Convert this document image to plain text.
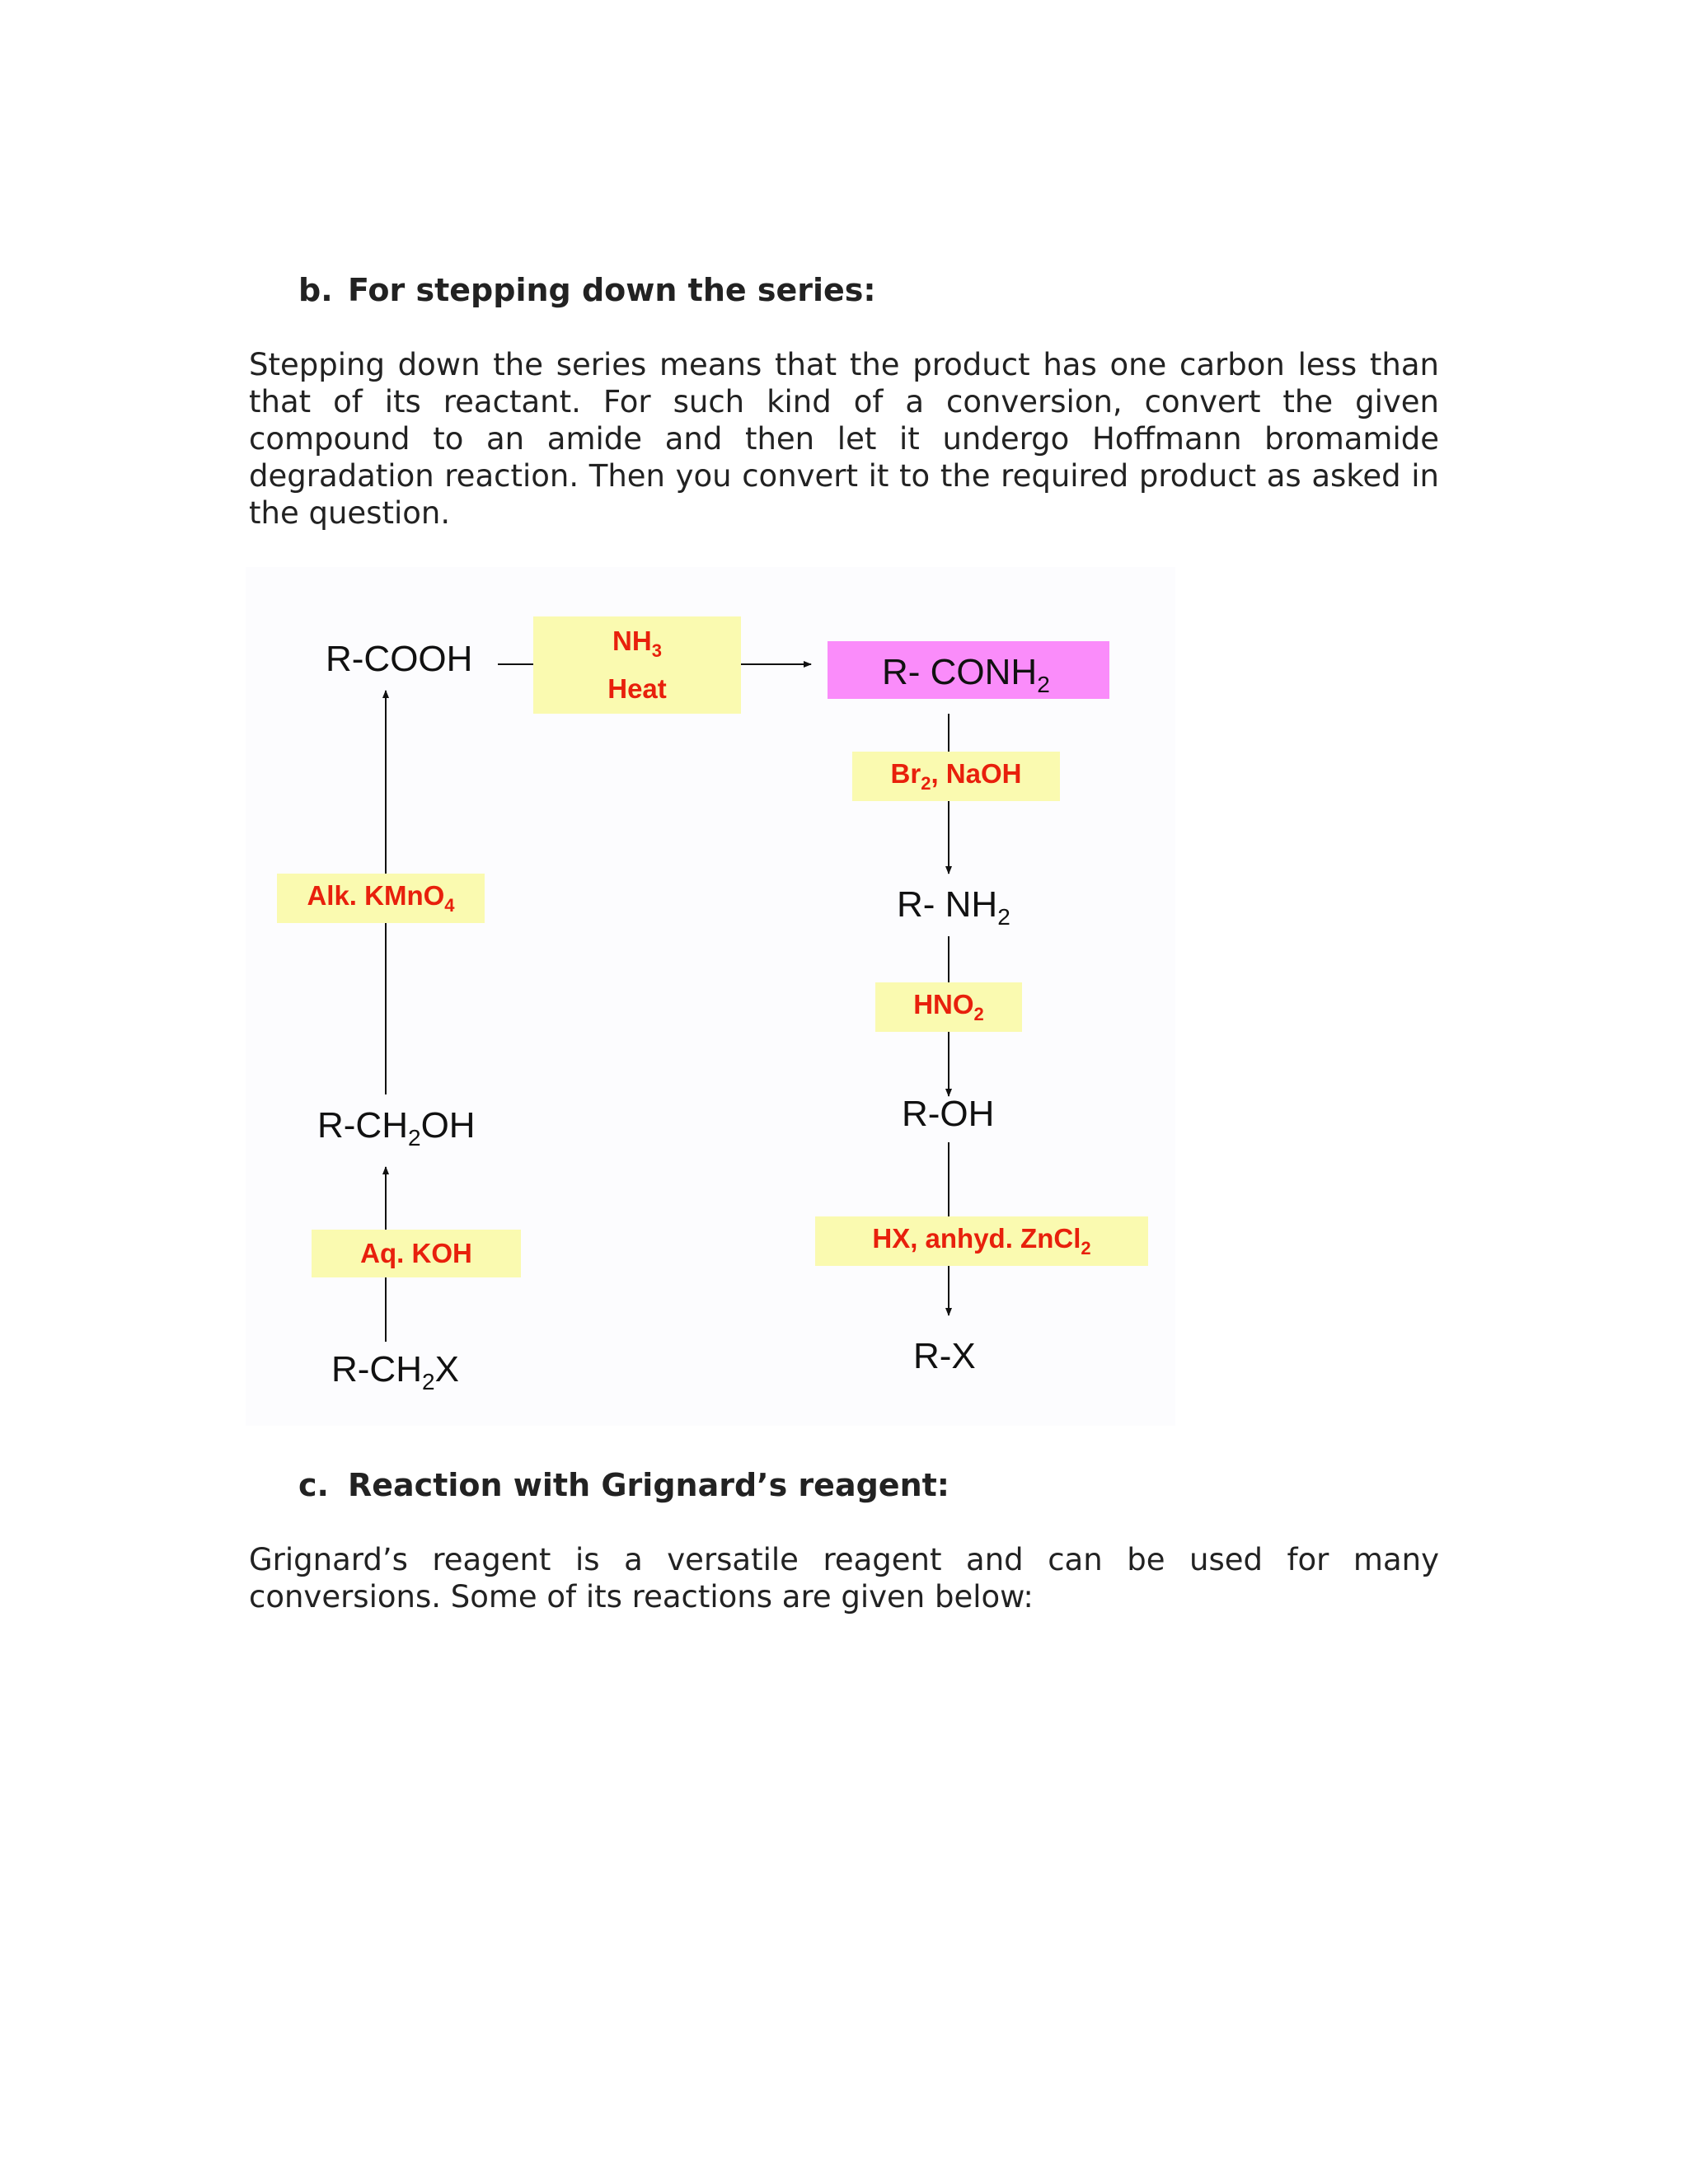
b. For stepping down the series:

Stepping down the series means that the product has one carbon less than that of its reactant. For such kind of a conversion, convert the given compound to an amide and then let it undergo Hoffmann bromamide degradation reaction. Then you convert it to the required product as asked in the question.

$NH_3$
Heat
$Br_2$, NaOH
Alk. KMnO$_4$
$HNO_2$
Aq. KOH	HX, anhyd. ZnCl$_2$
R-COOH	R- $CONH_2$
R- $NH_2$
$R-CH_2OH$	R-OH
$R-CH_2X$	R-X
c. Reaction with Grignard’s reagent:

Grignard’s reagent is a versatile reagent and can be used for many conversions. Some of its reactions are given below:
